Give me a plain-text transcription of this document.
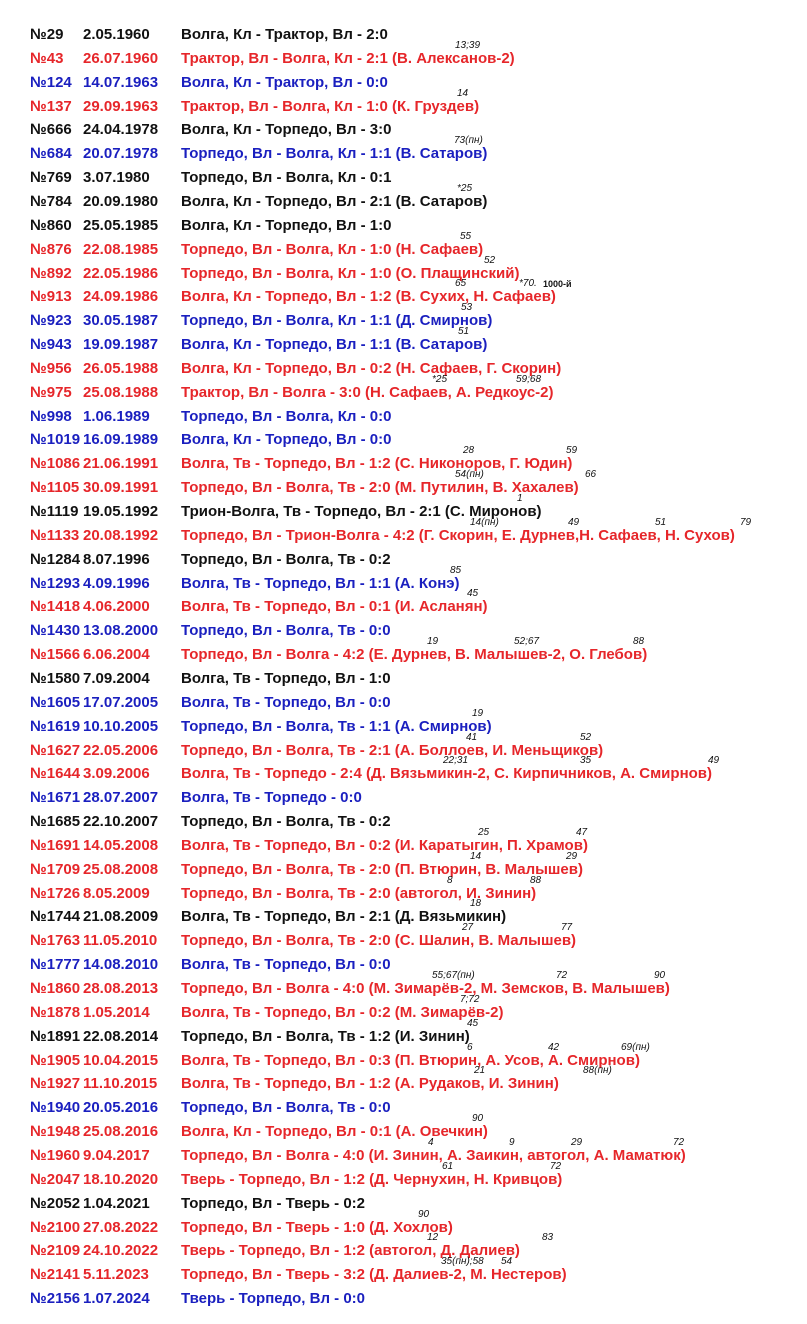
№29 2.05.1960 Волга, Кл - Трактор, Вл - 2:0
№43 26.07.1960 Трактор, Вл - Волга, Кл - 2:1 (В. Алексанов-2)
13;39
№124 14.07.1963 Волга, Кл - Трактор, Вл - 0:0
№137 29.09.1963 Трактор, Вл - Волга, Кл - 1:0 (К. Груздев)
14
№666 24.04.1978 Волга, Кл - Торпедо, Вл - 3:0
№684 20.07.1978 Торпедо, Вл - Волга, Кл - 1:1 (В. Сатаров)
73(пн)
№769 3.07.1980 Торпедо, Вл - Волга, Кл - 0:1
№784 20.09.1980 Волга, Кл - Торпедо, Вл - 2:1 (В. Сатаров)
*25
№860 25.05.1985 Волга, Кл - Торпедо, Вл - 1:0
№876 22.08.1985 Торпедо, Вл - Волга, Кл - 1:0 (Н. Сафаев)
55
№892 22.05.1986 Торпедо, Вл - Волга, Кл - 1:0 (О. Плащинский)
52
№913 24.09.1986 Волга, Кл - Торпедо, Вл - 1:2 (В. Сухих, Н. Сафаев)
65	*70. 1000-й
№923 30.05.1987 Торпедо, Вл - Волга, Кл - 1:1 (Д. Смирнов)
53
№943 19.09.1987 Волга, Кл - Торпедо, Вл - 1:1 (В. Сатаров)
51
№956 26.05.1988 Волга, Кл - Торпедо, Вл - 0:2 (Н. Сафаев, Г. Скорин)
№975 25.08.1988 Трактор, Вл - Волга - 3:0 (Н. Сафаев, А. Редкоус-2)
*25	59;68
№998 1.06.1989 Торпедо, Вл - Волга, Кл - 0:0
№1019 16.09.1989 Волга, Кл - Торпедо, Вл - 0:0
№1086 21.06.1991 Волга, Тв - Торпедо, Вл - 1:2 (С. Никоноров, Г. Юдин)
28	59
№1105 30.09.1991 Торпедо, Вл - Волга, Тв - 2:0 (М. Путилин, В. Хахалев)
54(пн)	66
№1119 19.05.1992 Трион-Волга, Тв - Торпедо, Вл - 2:1 (С. Миронов)
1
№1133 20.08.1992 Торпедо, Вл - Трион-Волга - 4:2 (Г. Скорин, Е. Дурнев,Н. Сафаев, Н. Сухов)
14(пн)	49	51	79
№1284 8.07.1996 Торпедо, Вл - Волга, Тв - 0:2
№1293 4.09.1996 Волга, Тв - Торпедо, Вл - 1:1 (А. Конэ)
85
№1418 4.06.2000 Волга, Тв - Торпедо, Вл - 0:1 (И. Асланян)
45
№1430 13.08.2000 Торпедо, Вл - Волга, Тв - 0:0
№1566 6.06.2004 Торпедо, Вл - Волга - 4:2 (Е. Дурнев, В. Малышев-2, О. Глебов)
19	52;67	88
№1580 7.09.2004 Волга, Тв - Торпедо, Вл - 1:0
№1605 17.07.2005 Волга, Тв - Торпедо, Вл - 0:0
№1619 10.10.2005 Торпедо, Вл - Волга, Тв - 1:1 (А. Смирнов)
19
№1627 22.05.2006 Торпедо, Вл - Волга, Тв - 2:1 (А. Боллоев, И. Меньщиков)
41	52
№1644 3.09.2006 Волга, Тв - Торпедо - 2:4 (Д. Вязьмикин-2, С. Кирпичников, А. Смирнов)
22;31	35	49
№1671 28.07.2007 Волга, Тв - Торпедо - 0:0
№1685 22.10.2007 Торпедо, Вл - Волга, Тв - 0:2
№1691 14.05.2008 Волга, Тв - Торпедо, Вл - 0:2 (И. Каратыгин, П. Храмов)
25	47
№1709 25.08.2008 Торпедо, Вл - Волга, Тв - 2:0 (П. Втюрин, В. Малышев)
14	29
№1726 8.05.2009 Торпедо, Вл - Волга, Тв - 2:0 (автогол, И. Зинин)
8	88
№1744 21.08.2009 Волга, Тв - Торпедо, Вл - 2:1 (Д. Вязьмикин)
18
№1763 11.05.2010 Торпедо, Вл - Волга, Тв - 2:0 (С. Шалин, В. Малышев)
27	77
№1777 14.08.2010 Волга, Тв - Торпедо, Вл - 0:0
№1860 28.08.2013 Торпедо, Вл - Волга - 4:0 (М. Зимарёв-2, М. Земсков, В. Малышев)
55;67(пн)	72	90
№1878 1.05.2014 Волга, Тв - Торпедо, Вл - 0:2 (М. Зимарёв-2)
7;72
№1891 22.08.2014 Торпедо, Вл - Волга, Тв - 1:2 (И. Зинин)
45
№1905 10.04.2015 Волга, Тв - Торпедо, Вл - 0:3 (П. Втюрин, А. Усов, А. Смирнов)
6	42	69(пн)
№1927 11.10.2015 Волга, Тв - Торпедо, Вл - 1:2 (А. Рудаков, И. Зинин)
21	88(пн)
№1940 20.05.2016 Торпедо, Вл - Волга, Тв - 0:0
№1948 25.08.2016 Волга, Кл - Торпедо, Вл - 0:1 (А. Овечкин)
90
№1960 9.04.2017 Торпедо, Вл - Волга - 4:0 (И. Зинин, А. Заикин, автогол, А. Маматюк)
4	9	29	72
№2047 18.10.2020 Тверь - Торпедо, Вл - 1:2 (Д. Чернухин, Н. Кривцов)
61	72
№2052 1.04.2021 Торпедо, Вл - Тверь - 0:2
№2100 27.08.2022 Торпедо, Вл - Тверь - 1:0 (Д. Хохлов)
90
№2109 24.10.2022 Тверь - Торпедо, Вл - 1:2 (автогол, Д. Далиев)
12	83
№2141 5.11.2023 Торпедо, Вл - Тверь - 3:2 (Д. Далиев-2, М. Нестеров)
35(пн);58 54
№2156 1.07.2024 Тверь - Торпедо, Вл - 0:0
